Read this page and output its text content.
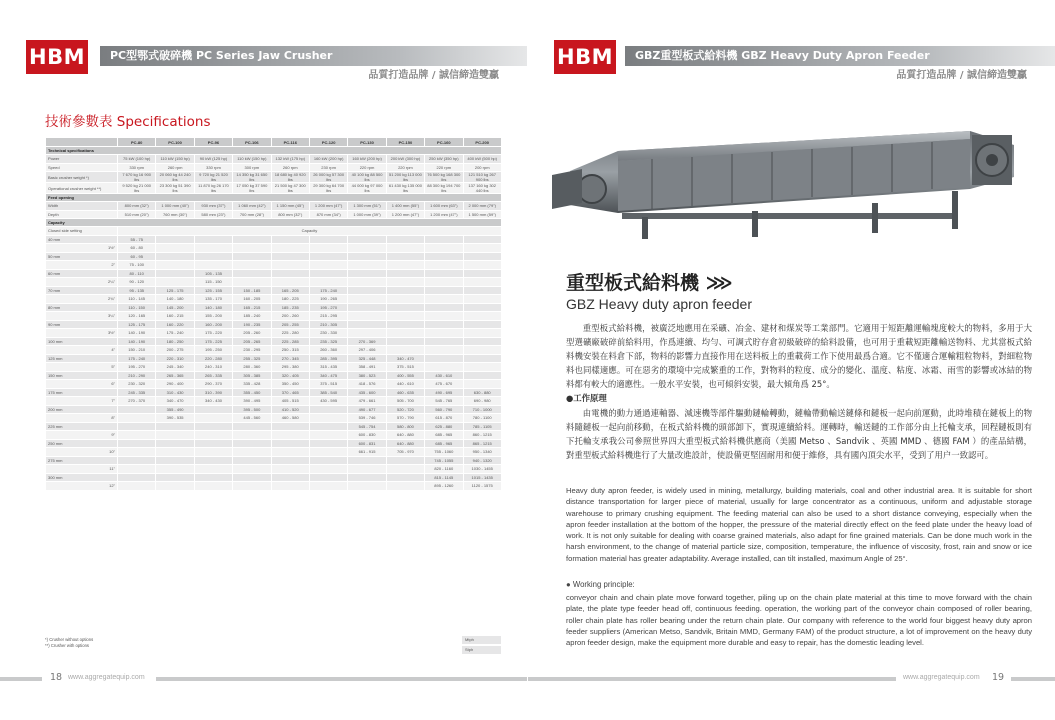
HBM	PC型鄂式破碎機 PC Series Jaw Crusher
品質打造品牌 / 誠信締造雙贏
技術參數表 Specifications
	PC-80	PC-100	PC-96	PC-106	PC-116	PC-120	PC-130	PC-150	PC-160	PC-200
Technical specifications										
Power	75 kW (100 hp)	110 kW (150 hp)	90 kW (125 hp)	110 kW (150 hp)	132 kW (175 hp)	160 kW (200 hp)	160 kW (200 hp)	200 kW (300 hp)	250 kW (350 hp)	400 kW (500 hp)
Speed	330 rpm	260 rpm	330 rpm	300 rpm	260 rpm	230 rpm	220 rpm	220 rpm	220 rpm	200 rpm
Basic crusher weight *)	7 670 kg 16 900 lbs	20 060 kg 44 240 lbs	9 720 kg 21 520 lbs	14 350 kg 31 650 lbs	18 680 kg 40 920 lbs	26 000 kg 57 300 lbs	40 100 kg 88 500 lbs	51 200 kg 113 000 lbs	76 500 kg 168 300 lbs	121 510 kg 267 900 lbs
Operational crusher weight **)	9 520 kg 21 000 lbs	23 300 kg 51 390 lbs	11 870 kg 26 170 lbs	17 050 kg 37 590 lbs	21 500 kg 47 300 lbs	29 300 kg 64 700 lbs	44 000 kg 97 000 lbs	61 430 kg 135 000 lbs	88 300 kg 194 700 lbs	137 160 kg 302 440 lbs
Feed opening										
Width	800 mm (32")	1 000 mm (40")	930 mm (37")	1 060 mm (42")	1 150 mm (45")	1 200 mm (47")	1 300 mm (51")	1 400 mm (55")	1 600 mm (63")	2 000 mm (79")
Depth	510 mm (20")	760 mm (30")	580 mm (23")	700 mm (28")	800 mm (32")	870 mm (34")	1 000 mm (39")	1 200 mm (47")	1 200 mm (47")	1 500 mm (59")
Capacity										
Closed side setting	Capacity									
40 mm	55 - 75									
1½"	60 - 80									
50 mm	60 - 95									
2"	75 - 100									
60 mm	80 - 110		105 - 135							
2¼"	90 - 120		115 - 150							
70 mm	95 - 135	125 - 175	125 - 155	150 - 185	165 - 205	175 - 240				
2¾"	110 - 145	140 - 180	135 - 170	160 - 205	180 - 225	190 - 265				
80 mm	110 - 150	145 - 200	140 - 180	165 - 215	185 - 235	195 - 270				
3¼"	120 - 165	160 - 215	155 - 200	185 - 240	200 - 260	215 - 295				
90 mm	125 - 175	160 - 220	160 - 200	190 - 235	205 - 255	210 - 305				
3½"	140 - 190	175 - 240	175 - 220	205 - 260	225 - 280	230 - 330				
100 mm	140 - 190	180 - 250	175 - 225	205 - 265	225 - 285	235 - 325	270 - 369			
4"	150 - 210	200 - 275	195 - 250	230 - 295	250 - 315	260 - 360	297 - 406			
125 mm	175 - 240	220 - 310	220 - 280	255 - 325	270 - 345	285 - 395	325 - 448	340 - 470		
5"	195 - 270	245 - 340	240 - 310	280 - 360	295 - 380	315 - 435	358 - 491	375 - 515		
150 mm	210 - 290	265 - 365	265 - 335	305 - 385	320 - 405	340 - 475	380 - 523	400 - 555	430 - 610	
6"	230 - 320	290 - 400	290 - 370	335 - 428	350 - 450	375 - 515	418 - 576	440 - 610	475 - 670	
175 mm	245 - 335	310 - 430	310 - 390	355 - 450	370 - 465	385 - 540	435 - 600	460 - 635	490 - 695	630 - 880
7"	270 - 370	340 - 470	340 - 430	390 - 495	405 - 515	430 - 595	479 - 661	505 - 700	545 - 765	690 - 980
200 mm		355 - 490		395 - 500	410 - 520		490 - 677	520 - 720	560 - 790	710 - 1000
8"		390 - 535		445 - 560	460 - 580		539 - 746	570 - 790	615 - 870	780 - 1100
225 mm							545 - 754	580 - 800	625 - 880	785 - 1105
9"							600 - 830	640 - 880	685 - 965	860 - 1215
250 mm							600 - 831	640 - 880	685 - 965	865 - 1215
10"							661 - 915	705 - 970	755 - 1060	950 - 1340
275 mm									745 - 1055	940 - 1320
11"									820 - 1160	1030 - 1455
300 mm									815 - 1145	1015 - 1435
12"									895 - 1260	1120 - 1575
Mtph
Stph
*) Crusher without options
**) Crusher with options
18 www.aggregatequip.com
HBM	GBZ重型板式給料機 GBZ Heavy Duty Apron Feeder
品質打造品牌 / 誠信締造雙贏
重型板式給料機 ⋙
GBZ Heavy duty apron feeder

重型板式給料機，被廣泛地應用在采礦、冶金、建材和煤炭等工業部門。它適用于短距離運輸塊度較大的物料，多用于大型選礦廠破碎前給料用，作爲連續、均勻、可調式貯存倉初級破碎的給料設備，也可用于重載短距離輸送物料、尤其當板式給料機安裝在料倉下部，物料的影響力直接作用在送料板上的重載荷工作下使用最爲合適。它不僅適合運輸粗粒物料，對細粒物料也同樣適應。可在惡劣的環境中完成繁重的工作，對物料的粒度、成分的變化、溫度、粘度、冰霜、雨雪的影響或冰結的物料都有較大的適應性。一般水平安裝，也可傾斜安裝，最大傾角爲 25°。

●工作原理

由電機的動力通過連軸器、減速機等部件驅動鏈輪轉動，鏈輪帶動輸送鏈條和鏈板一起向前運動，此時堆積在鏈板上的物料隨鏈板一起向前移動，在板式給料機的頭部卸下，實現連續給料。運轉時，輸送鏈的工作部分由上托輪支承，回程鏈板則有下托輪支承我公司參照世界四大重型板式給料機供應商（美國 Metso 、Sandvik 、英國 MMD 、德國 FAM ）的產品結構，對重型板式給料機進行了大量改進設計，使設備更堅固耐用和便于維修，具有國內頂尖水平，受到了用户一致認可。

Heavy duty apron feeder, is widely used in mining, metallurgy, building materials, coal and other industrial area. It is suitable for short distance transportation for larger piece of material, usually for large concentrator as a continuous, uniform and adjustable storage warehouse to primary crushing equipment. The feeding material can also be used to a short distance conveying, especially when the apron feeder installation at the bottom of the hopper, the pressure of the material directly effect on the feed plate under the heavy load of work. It is not only suitable for dealing with coarse grained materials, also adapt for fine grained materials. Can be done much work in the harsh environment, to the change of material particle size, composition, temperature, the influence of viscosity, frost, rain and snow or ice formation material has greater adaptability. Average installed, can tilt installed, maximum Angle of 25°.
● Working principle:
conveyor chain and chain plate move forward together, piling up on the chain plate material at this time to move forward with the chain plate, the plate type feeder head off, continuous feeding. operation, the working part of the conveyor chain composed of roller bearing, roller chain plate has roller bearing under the return chain plate. Our company with reference to the world four biggest heavy duty apron feeder suppliers (American Metso, Sandvik, Britain MMD, Germany FAM) of the product structure, a lot of improvement on the heavy duty apron feeder design, make the equipment more durable and easy to repair, has the domestic leading level.
www.aggregatequip.com 19
